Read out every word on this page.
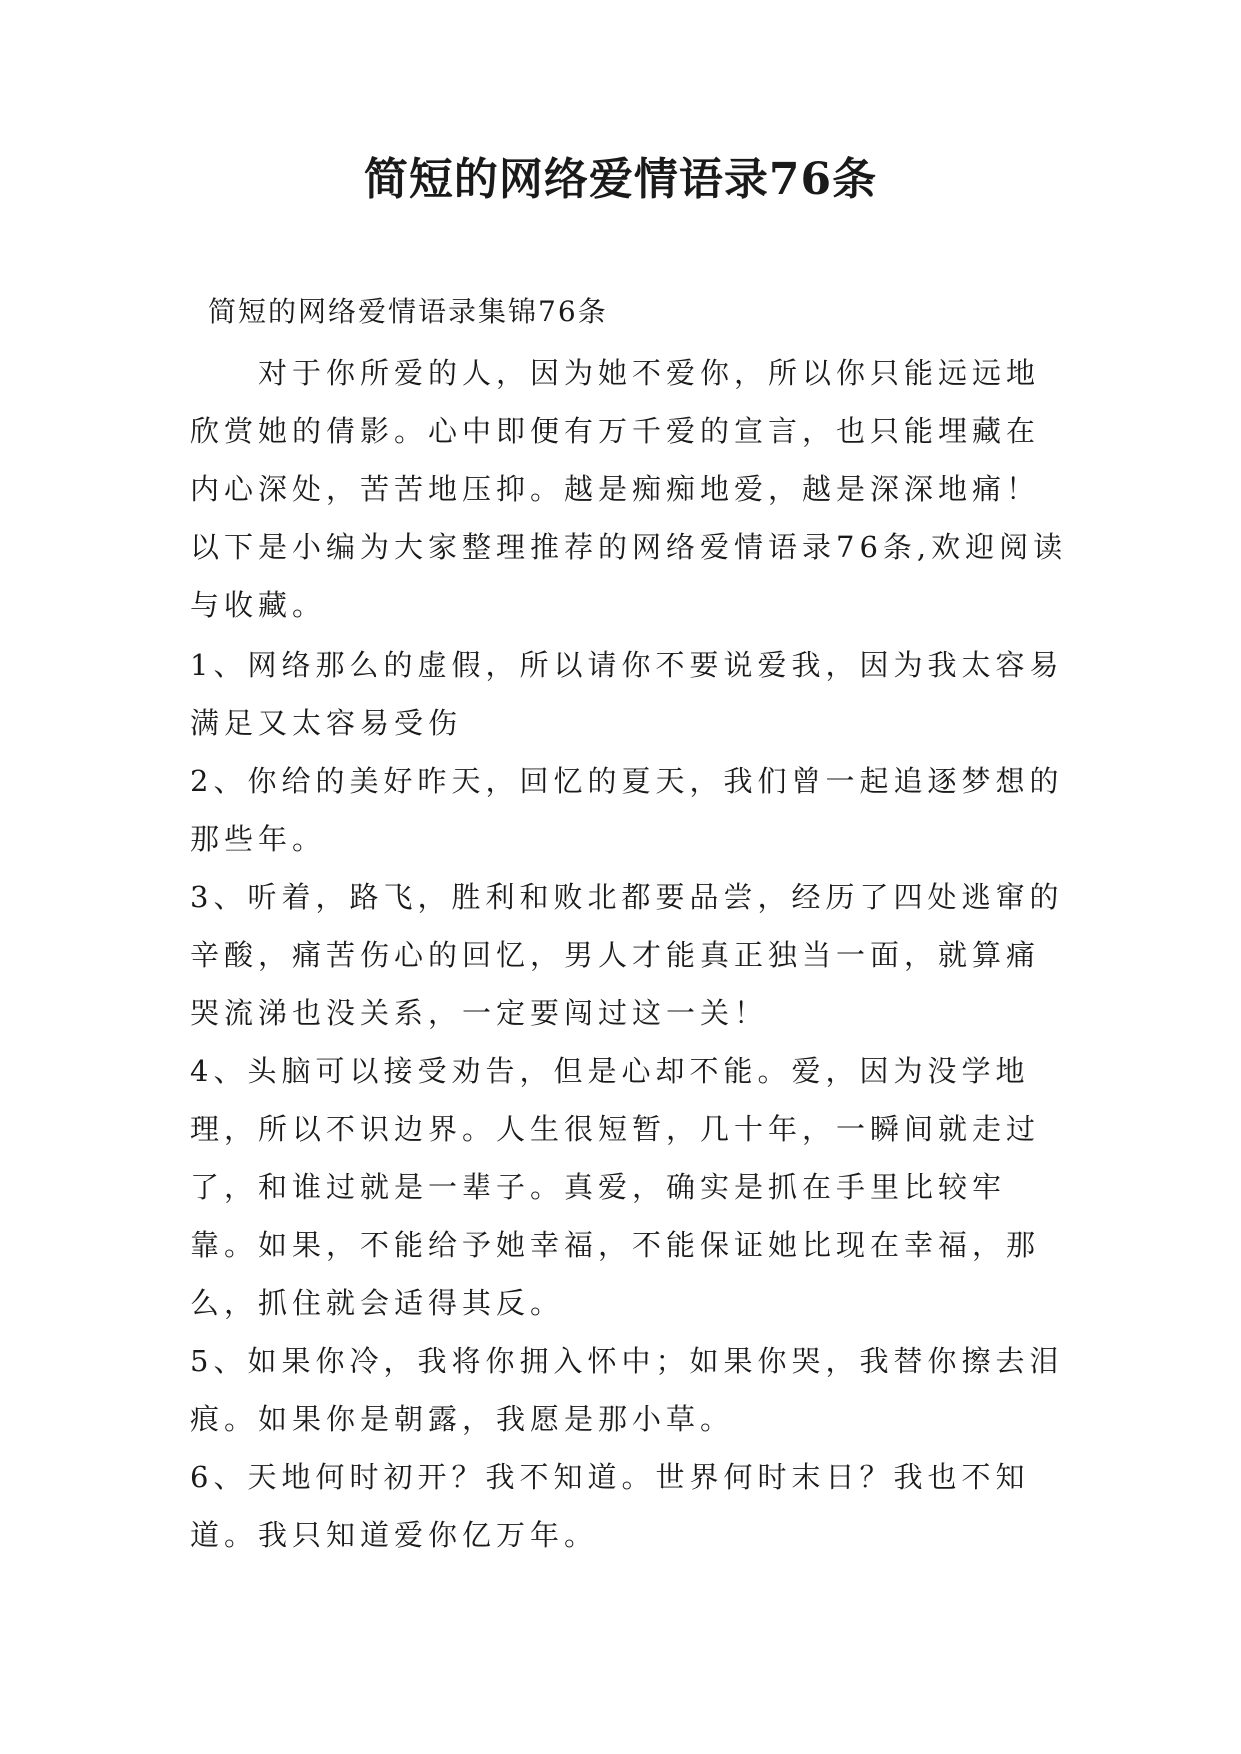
简短的网络爱情语录76条
简短的网络爱情语录集锦76条
对于你所爱的人，因为她不爱你，所以你只能远远地欣赏她的倩影。心中即便有万千爱的宣言，也只能埋藏在内心深处，苦苦地压抑。越是痴痴地爱，越是深深地痛！以下是小编为大家整理推荐的网络爱情语录76条,欢迎阅读与收藏。

1、网络那么的虚假，所以请你不要说爱我，因为我太容易满足又太容易受伤

2、你给的美好昨天，回忆的夏天，我们曾一起追逐梦想的那些年。

3、听着，路飞，胜利和败北都要品尝，经历了四处逃窜的辛酸，痛苦伤心的回忆，男人才能真正独当一面，就算痛哭流涕也没关系，一定要闯过这一关！

4、头脑可以接受劝告，但是心却不能。爱，因为没学地理，所以不识边界。人生很短暂，几十年，一瞬间就走过了，和谁过就是一辈子。真爱，确实是抓在手里比较牢靠。如果，不能给予她幸福，不能保证她比现在幸福，那么，抓住就会适得其反。

5、如果你冷，我将你拥入怀中；如果你哭，我替你擦去泪痕。如果你是朝露，我愿是那小草。

6、天地何时初开？我不知道。世界何时末日？我也不知道。我只知道爱你亿万年。
